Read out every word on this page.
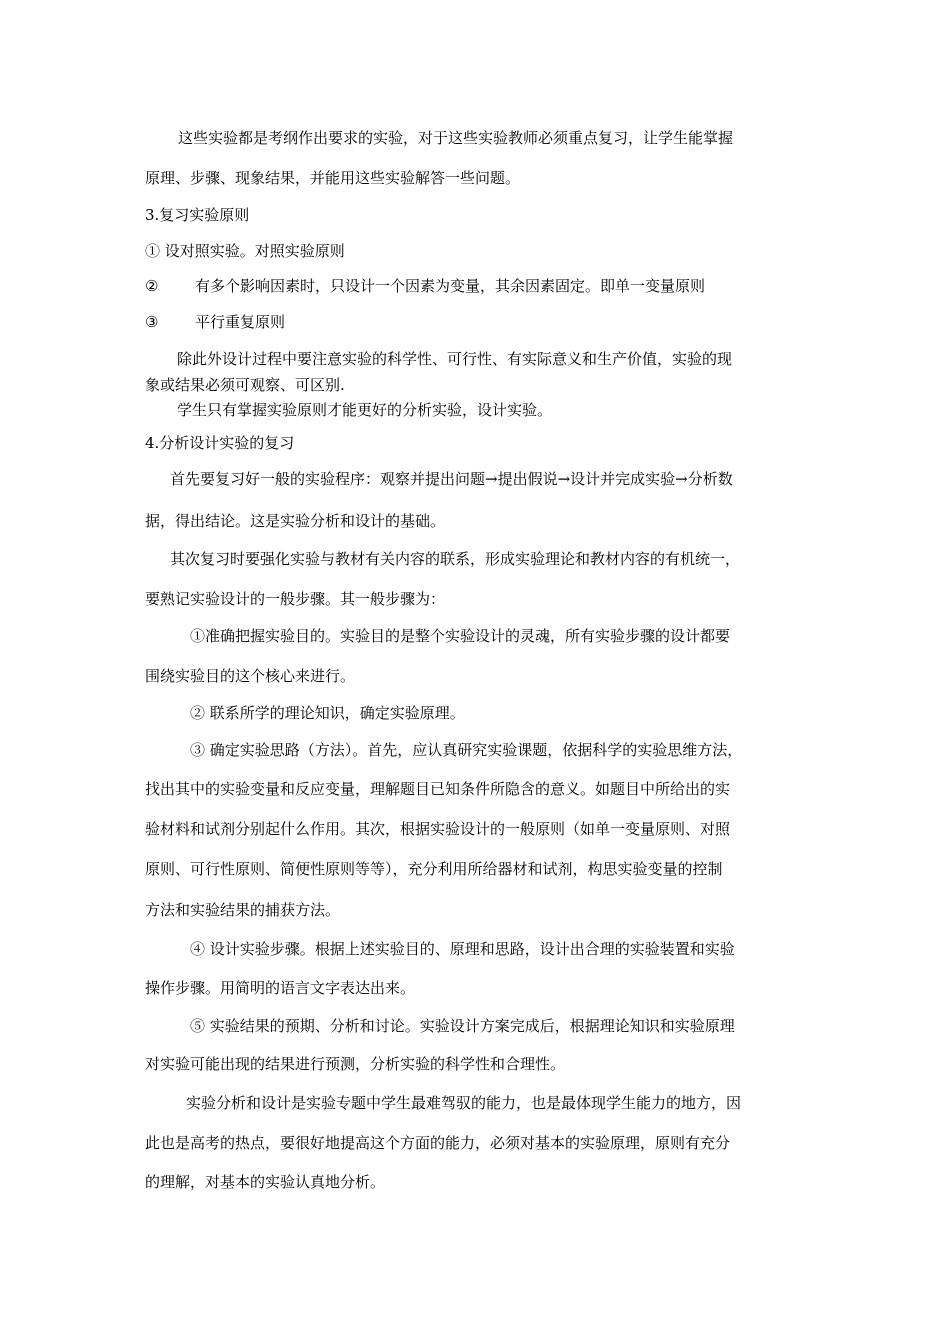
这些实验都是考纲作出要求的实验，对于这些实验教师必须重点复习，让学生能掌握
原理、步骤、现象结果，并能用这些实验解答一些问题。
3.复习实验原则
① 设对照实验。对照实验原则
② 有多个影响因素时，只设计一个因素为变量，其余因素固定。即单一变量原则
③ 平行重复原则
除此外设计过程中要注意实验的科学性、可行性、有实际意义和生产价值，实验的现
象或结果必须可观察、可区别.
学生只有掌握实验原则才能更好的分析实验，设计实验。
4.分析设计实验的复习
首先要复习好一般的实验程序：观察并提出问题→提出假说→设计并完成实验→分析数
据，得出结论。这是实验分析和设计的基础。
其次复习时要强化实验与教材有关内容的联系，形成实验理论和教材内容的有机统一，
要熟记实验设计的一般步骤。其一般步骤为：
①准确把握实验目的。实验目的是整个实验设计的灵魂，所有实验步骤的设计都要
围绕实验目的这个核心来进行。
② 联系所学的理论知识，确定实验原理。
③ 确定实验思路（方法）。首先，应认真研究实验课题，依据科学的实验思维方法，
找出其中的实验变量和反应变量，理解题目已知条件所隐含的意义。如题目中所给出的实
验材料和试剂分别起什么作用。其次，根据实验设计的一般原则（如单一变量原则、对照
原则、可行性原则、简便性原则等等），充分利用所给器材和试剂，构思实验变量的控制
方法和实验结果的捕获方法。
④ 设计实验步骤。根据上述实验目的、原理和思路，设计出合理的实验装置和实验
操作步骤。用简明的语言文字表达出来。
⑤ 实验结果的预期、分析和讨论。实验设计方案完成后，根据理论知识和实验原理
对实验可能出现的结果进行预测，分析实验的科学性和合理性。
实验分析和设计是实验专题中学生最难驾驭的能力，也是最体现学生能力的地方，因
此也是高考的热点，要很好地提高这个方面的能力，必须对基本的实验原理，原则有充分
的理解，对基本的实验认真地分析。
